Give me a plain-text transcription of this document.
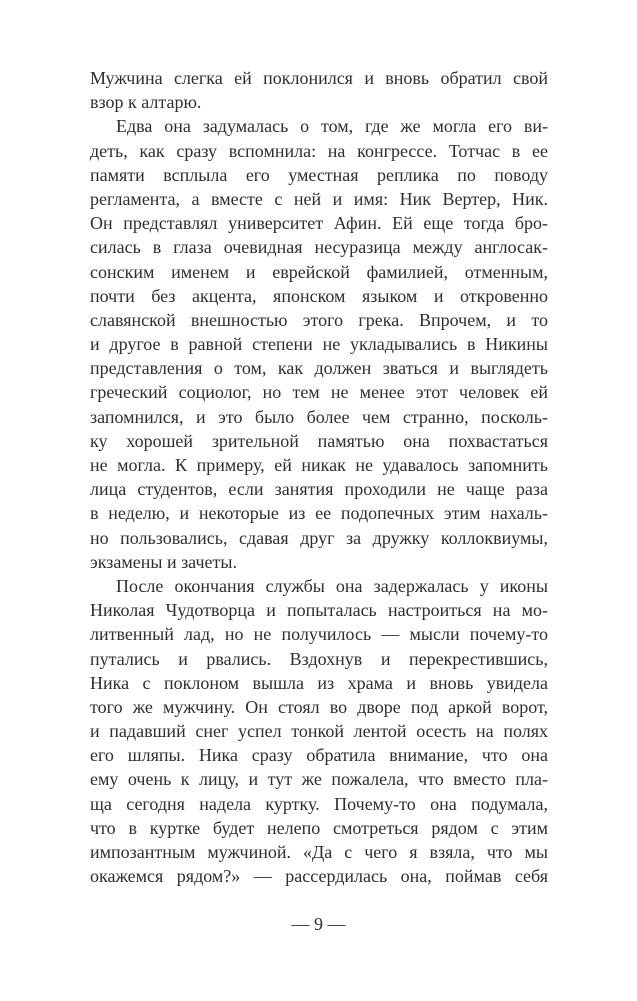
Мужчина слегка ей поклонился и вновь обратил свой
взор к алтарю.
Едва она задумалась о том, где же могла его ви-
деть, как сразу вспомнила: на конгрессе. Тотчас в ее
памяти всплыла его уместная реплика по поводу
регламента, а вместе с ней и имя: Ник Вертер, Ник.
Он представлял университет Афин. Ей еще тогда бро-
силась в глаза очевидная несуразица между англосак-
сонским именем и еврейской фамилией, отменным,
почти без акцента, японском языком и откровенно
славянской внешностью этого грека. Впрочем, и то
и другое в равной степени не укладывались в Никины
представления о том, как должен зваться и выглядеть
греческий социолог, но тем не менее этот человек ей
запомнился, и это было более чем странно, посколь-
ку хорошей зрительной памятью она похвастаться
не могла. К примеру, ей никак не удавалось запомнить
лица студентов, если занятия проходили не чаще раза
в неделю, и некоторые из ее подопечных этим нахаль-
но пользовались, сдавая друг за дружку коллоквиумы,
экзамены и зачеты.
После окончания службы она задержалась у иконы
Николая Чудотворца и попыталась настроиться на мо-
литвенный лад, но не получилось — мысли почему-то
путались и рвались. Вздохнув и перекрестившись,
Ника с поклоном вышла из храма и вновь увидела
того же мужчину. Он стоял во дворе под аркой ворот,
и падавший снег успел тонкой лентой осесть на полях
его шляпы. Ника сразу обратила внимание, что она
ему очень к лицу, и тут же пожалела, что вместо пла-
ща сегодня надела куртку. Почему-то она подумала,
что в куртке будет нелепо смотреться рядом с этим
импозантным мужчиной. «Да с чего я взяла, что мы
окажемся рядом?» — рассердилась она, поймав себя
— 9 —
